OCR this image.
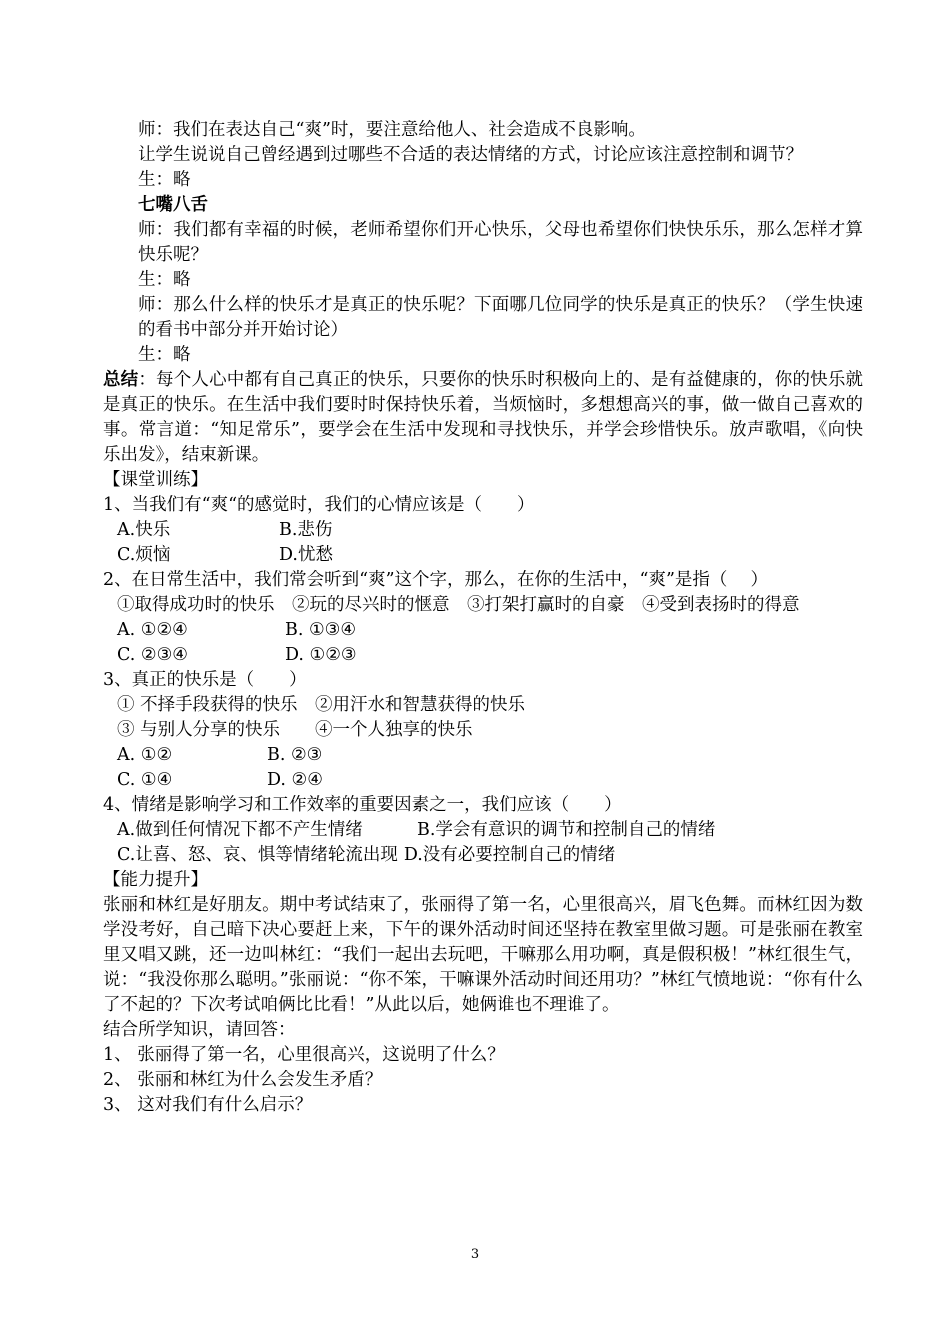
师：我们在表达自己“爽”时，要注意给他人、社会造成不良影响。
让学生说说自己曾经遇到过哪些不合适的表达情绪的方式，讨论应该注意控制和调节？
生：略
七嘴八舌
师：我们都有幸福的时候，老师希望你们开心快乐，父母也希望你们快快乐乐，那么怎样才算快乐呢？
生：略
师：那么什么样的快乐才是真正的快乐呢？下面哪几位同学的快乐是真正的快乐？（学生快速的看书中部分并开始讨论）
生：略
总结：每个人心中都有自己真正的快乐，只要你的快乐时积极向上的、是有益健康的，你的快乐就是真正的快乐。在生活中我们要时时保持快乐着，当烦恼时，多想想高兴的事，做一做自己喜欢的事。常言道：“知足常乐”，要学会在生活中发现和寻找快乐，并学会珍惜快乐。放声歌唱，《向快乐出发》，结束新课。
【课堂训练】
1、当我们有“爽“的感觉时，我们的心情应该是（　　）
A.快乐	B.悲伤
C.烦恼	D.忧愁
2、在日常生活中，我们常会听到“爽”这个字，那么，在你的生活中，“爽”是指（　 ）
①取得成功时的快乐　②玩的尽兴时的惬意　③打架打赢时的自豪　④受到表扬时的得意
A. ①②④	B. ①③④
C. ②③④	D. ①②③
3、真正的快乐是（　　）
① 不择手段获得的快乐　②用汗水和智慧获得的快乐
③ 与别人分享的快乐　　④一个人独享的快乐
A. ①②	B. ②③
C. ①④	D. ②④
4、情绪是影响学习和工作效率的重要因素之一，我们应该（　　）
A.做到任何情况下都不产生情绪	B.学会有意识的调节和控制自己的情绪
C.让喜、怒、哀、惧等情绪轮流出现 D.没有必要控制自己的情绪
【能力提升】
张丽和林红是好朋友。期中考试结束了，张丽得了第一名，心里很高兴，眉飞色舞。而林红因为数学没考好，自己暗下决心要赶上来，下午的课外活动时间还坚持在教室里做习题。可是张丽在教室里又唱又跳，还一边叫林红：“我们一起出去玩吧，干嘛那么用功啊，真是假积极！”林红很生气，说：“我没你那么聪明。”张丽说：“你不笨，干嘛课外活动时间还用功？”林红气愤地说：“你有什么了不起的？下次考试咱俩比比看！”从此以后，她俩谁也不理谁了。
结合所学知识，请回答：
1、 张丽得了第一名，心里很高兴，这说明了什么？
2、 张丽和林红为什么会发生矛盾？
3、 这对我们有什么启示？
3
